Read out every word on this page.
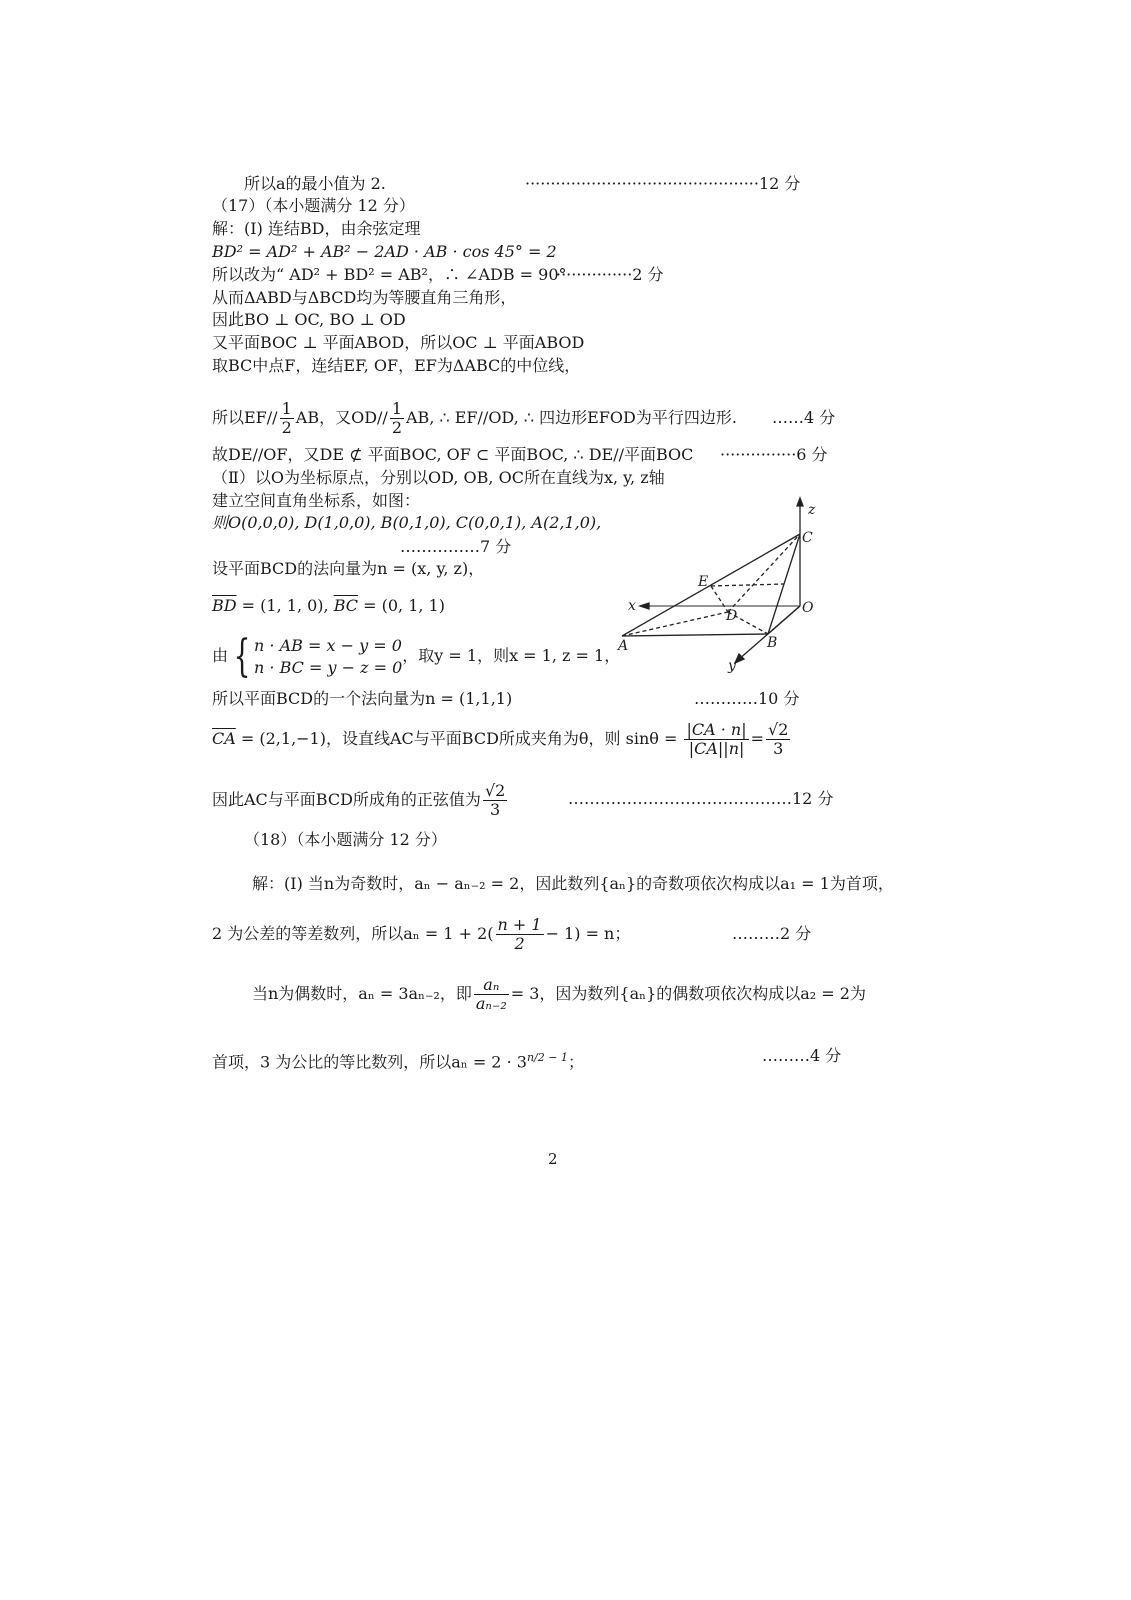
所以a的最小值为 2.	··············································12 分
（17）（本小题满分 12 分）
解：(Ⅰ) 连结BD，由余弦定理
BD² = AD² + AB² − 2AD · AB · cos 45° = 2
所以改为“ AD² + BD² = AB²，∴ ∠ADB = 90°
···············2 分
从而ΔABD与ΔBCD均为等腰直角三角形，
因此BO ⊥ OC, BO ⊥ OD
又平面BOC ⊥ 平面ABOD，所以OC ⊥ 平面ABOD
取BC中点F，连结EF, OF，EF为ΔABC的中位线，
所以$EF// \frac{1}{2}$ AB，又$OD// \frac{1}{2}$ AB, ∴ EF//OD, ∴ 四边形EFOD为平行四边形. ……4 分
故DE//OF，又DE ⊄ 平面BOC, OF ⊂ 平面BOC, ∴ DE//平面BOC ···············6 分
（Ⅱ）以O为坐标原点，分别以OD, OB, OC所在直线为x, y, z轴
建立空间直角坐标系，如图：
则O(0,0,0), D(1,0,0), B(0,1,0), C(0,0,1), A(2,1,0),
……………7 分
设平面BCD的法向量为n = (x, y, z)，
$\overline{BD} = (1$, 1, 0), $\overline{BC} = (0$, 1, 1)
由 { n · AB = x − y = 0
n · BC = y − z = 0
，取y = 1，则x = 1, z = 1，
所以平面BCD的一个法向量为n = (1,1,1)	…………10 分
$\overline{CA} = (2,1,-1)$，设直线AC与平面BCD所成夹角为θ，则 $\sin\theta = \frac{|CA \cdot n|}{|CA||n|} = \frac{√2}{3}$
因此AC与平面BCD所成角的正弦值为 $\frac{√2}{3}$	……………………………………12 分
（18）（本小题满分 12 分）
解：(I) 当n为奇数时，aₙ − aₙ₋₂ = 2，因此数列{aₙ}的奇数项依次构成以a₁ = 1为首项，
2 为公差的等差数列，所以$a_n = 1 + 2( \frac{n + 1}{2} - 1) = n$；	………2 分
当n为偶数时，aₙ = 3aₙ₋₂，即 $\frac{\text{aₙ}}{\text{aₙ₋₂}} = 3$，因为数列{aₙ}的偶数项依次构成以a₂ = 2为
首项，3 为公比的等比数列，所以$a_n = 2 \cdot 3^{n/2 - 1}$；	………4 分
z
C
E
x
D	O
A	B
y
2
